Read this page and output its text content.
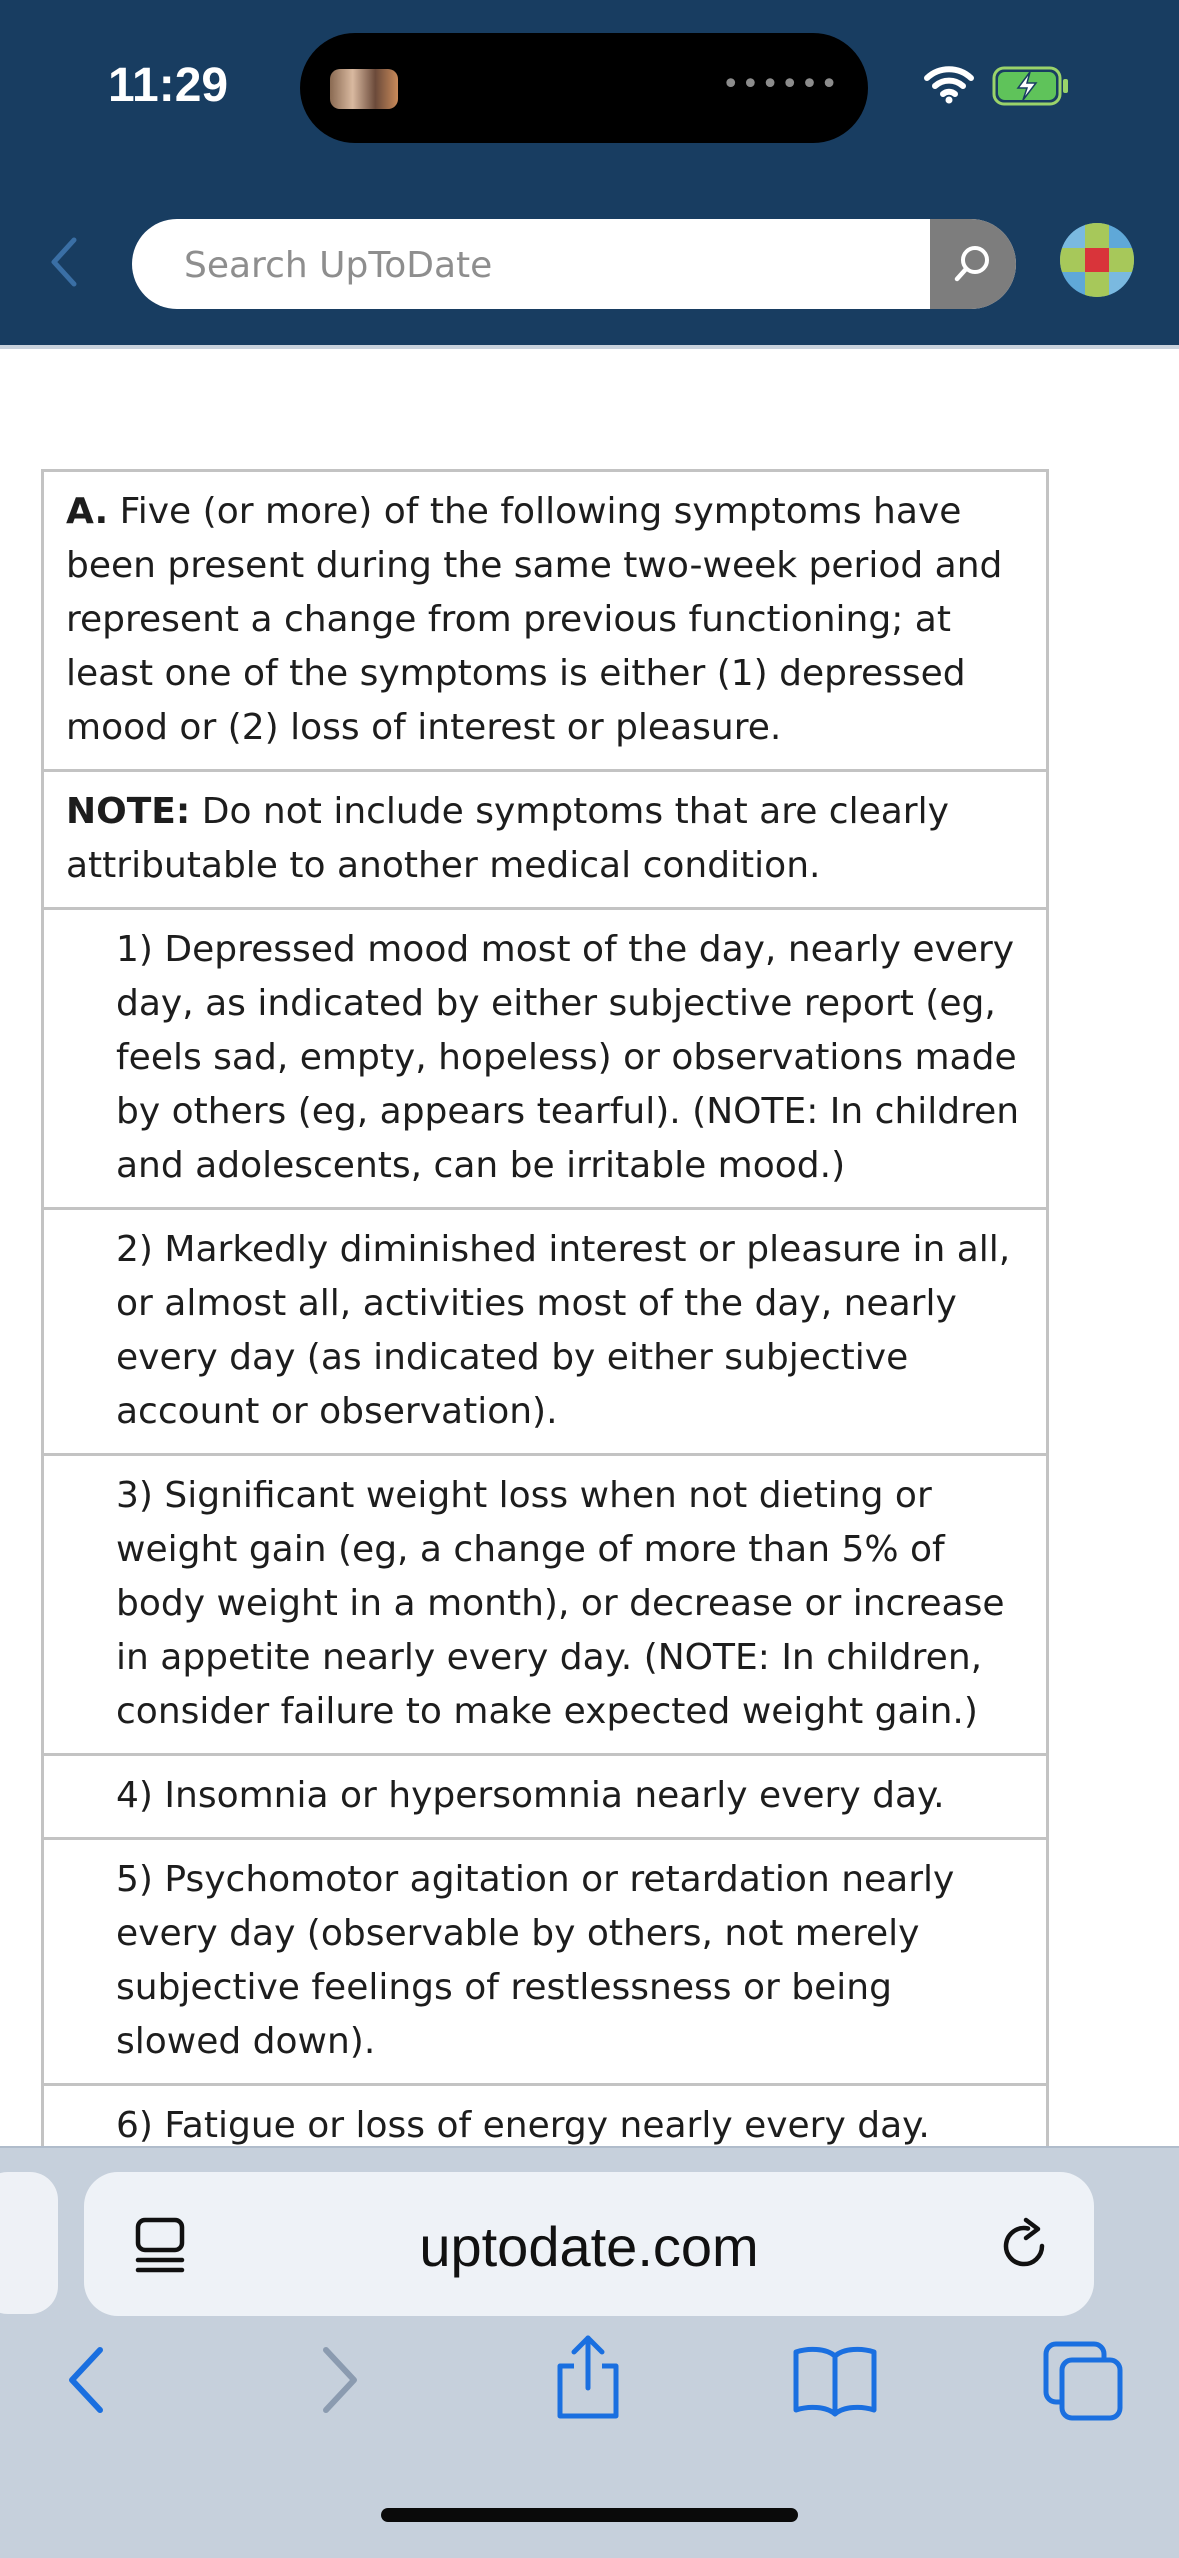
11:29	••••••
Search UpToDate
A. Five (or more) of the following symptoms have been present during the same two-week period and represent a change from previous functioning; at least one of the symptoms is either (1) depressed mood or (2) loss of interest or pleasure.
NOTE: Do not include symptoms that are clearly attributable to another medical condition.
1) Depressed mood most of the day, nearly every day, as indicated by either subjective report (eg, feels sad, empty, hopeless) or observations made by others (eg, appears tearful). (NOTE: In children and adolescents, can be irritable mood.)
2) Markedly diminished interest or pleasure in all, or almost all, activities most of the day, nearly every day (as indicated by either subjective account or observation).
3) Significant weight loss when not dieting or weight gain (eg, a change of more than 5% of body weight in a month), or decrease or increase in appetite nearly every day. (NOTE: In children, consider failure to make expected weight gain.)
4) Insomnia or hypersomnia nearly every day.
5) Psychomotor agitation or retardation nearly every day (observable by others, not merely subjective feelings of restlessness or being slowed down).
6) Fatigue or loss of energy nearly every day.
uptodate.com
